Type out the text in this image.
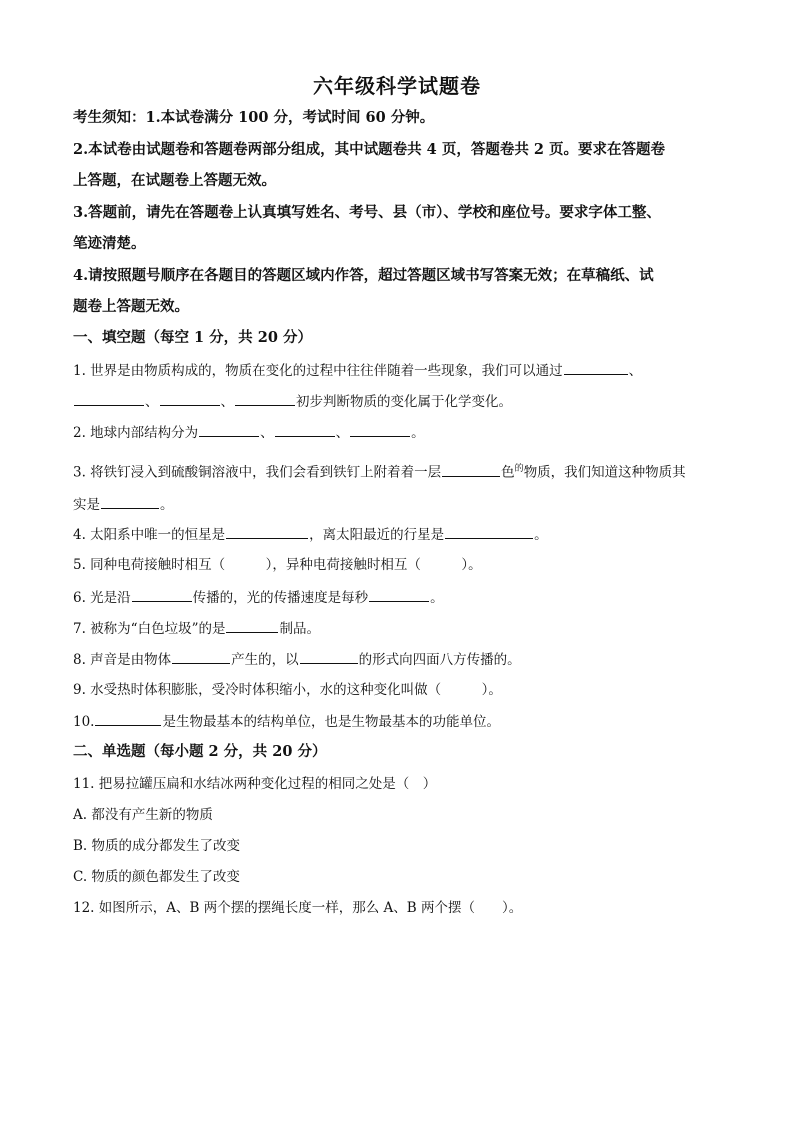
六年级科学试题卷
考生须知：1.本试卷满分 100 分，考试时间 60 分钟。
2.本试卷由试题卷和答题卷两部分组成，其中试题卷共 4 页，答题卷共 2 页。要求在答题卷
上答题，在试题卷上答题无效。
3.答题前，请先在答题卷上认真填写姓名、考号、县（市）、学校和座位号。要求字体工整、
笔迹清楚。
4.请按照题号顺序在各题目的答题区域内作答，超过答题区域书写答案无效；在草稿纸、试
题卷上答题无效。
一、填空题（每空 1 分，共 20 分）
1. 世界是由物质构成的，物质在变化的过程中往往伴随着一些现象，我们可以通过	、
、	、	初步判断物质的变化属于化学变化。
2. 地球内部结构分为	、	、	。
3. 将铁钉浸入到硫酸铜溶液中，我们会看到铁钉上附着着一层	色$^的$物质，我们知道这种物质其
实是	。
4. 太阳系中唯一的恒星是	，离太阳最近的行星是	。
5. 同种电荷接触时相互（　　　），异种电荷接触时相互（　　　）。
6. 光是沿	传播的，光的传播速度是每秒	。
7. 被称为“白色垃圾”的是	制品。
8. 声音是由物体	产生的，以	的形式向四面八方传播的。
9. 水受热时体积膨胀，受冷时体积缩小，水的这种变化叫做（　　　）。
10.	是生物最基本的结构单位，也是生物最基本的功能单位。
二、单选题（每小题 2 分，共 20 分）
11. 把易拉罐压扁和水结冰两种变化过程的相同之处是（　）
A. 都没有产生新的物质
B. 物质的成分都发生了改变
C. 物质的颜色都发生了改变
12. 如图所示，A、B 两个摆的摆绳长度一样，那么 A、B 两个摆（　　）。
